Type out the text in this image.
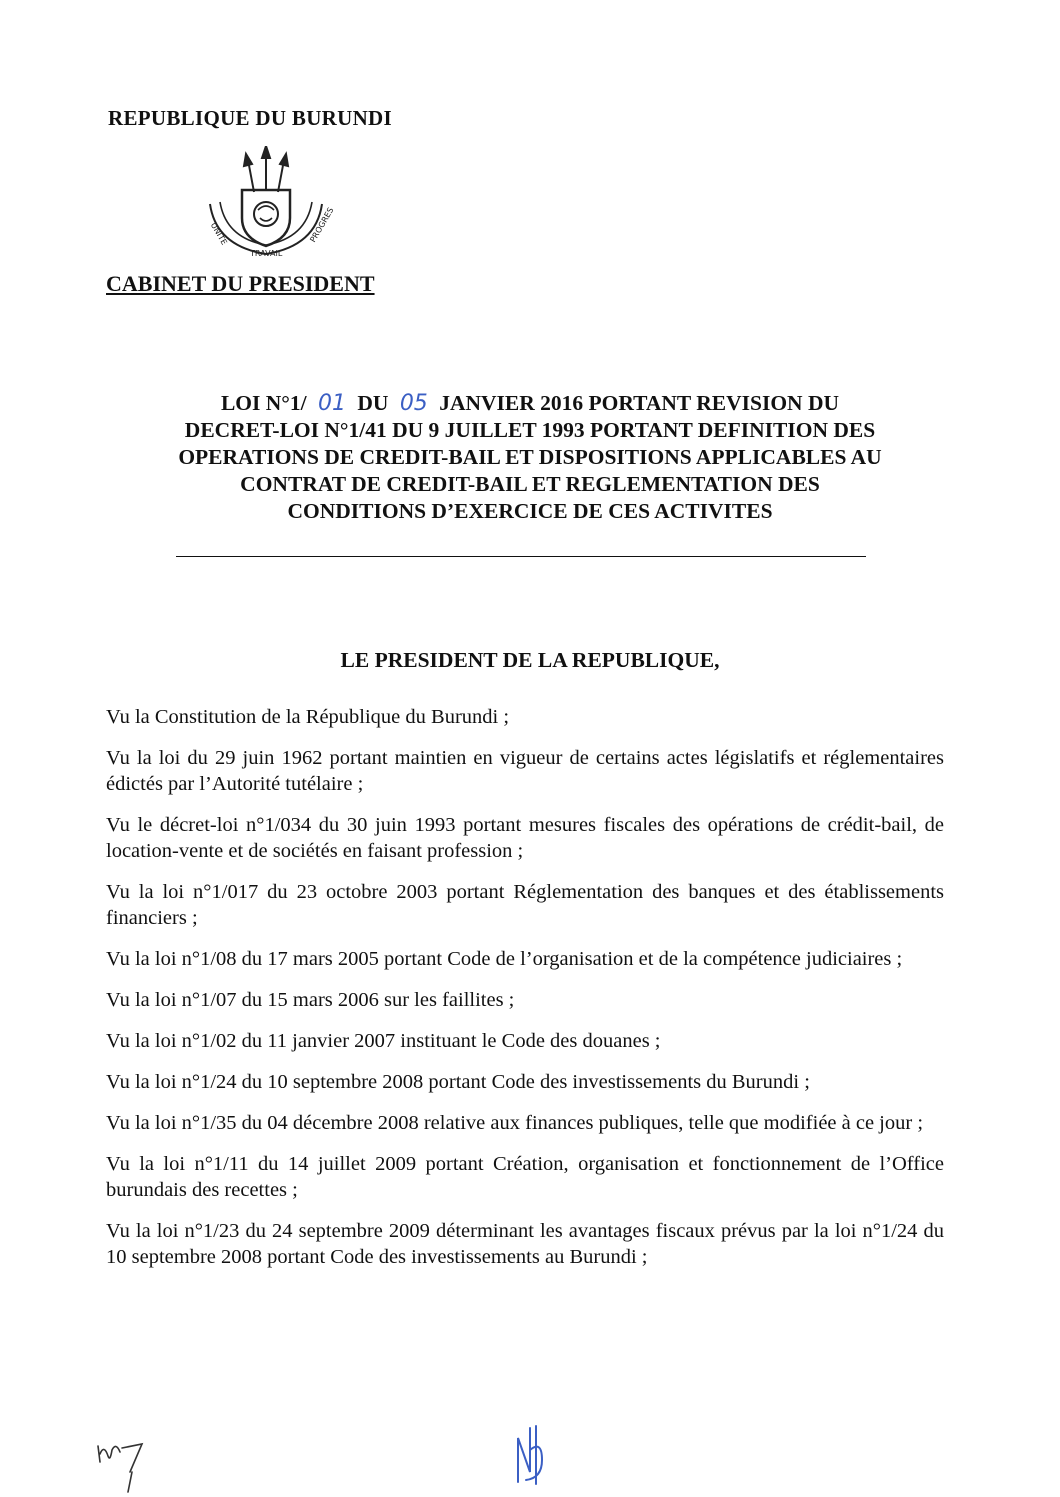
REPUBLIQUE DU BURUNDI
UNITE
TRAVAIL
PROGRES
CABINET DU PRESIDENT
LOI N°1/ 01 DU 05 JANVIER 2016 PORTANT REVISION DU
DECRET-LOI N°1/41 DU 9 JUILLET 1993 PORTANT DEFINITION DES
OPERATIONS DE CREDIT-BAIL ET DISPOSITIONS APPLICABLES AU
CONTRAT DE CREDIT-BAIL ET REGLEMENTATION DES
CONDITIONS D’EXERCICE DE CES ACTIVITES
LE PRESIDENT DE LA REPUBLIQUE,

Vu la Constitution de la République du Burundi ;

Vu la loi du 29 juin 1962 portant maintien en vigueur de certains actes législatifs et réglementaires édictés par l’Autorité tutélaire ;

Vu le décret-loi n°1/034 du 30 juin 1993 portant mesures fiscales des opérations de crédit-bail, de location-vente et de sociétés en faisant profession ;

Vu la loi n°1/017 du 23 octobre 2003 portant Réglementation des banques et des établissements financiers ;

Vu la loi n°1/08 du 17 mars 2005 portant Code de l’organisation et de la compétence judiciaires ;

Vu la loi n°1/07 du 15 mars 2006 sur les faillites ;

Vu la loi n°1/02 du 11 janvier 2007 instituant le Code des douanes ;

Vu la loi n°1/24 du 10 septembre 2008 portant Code des investissements du Burundi ;

Vu la loi n°1/35 du 04 décembre 2008 relative aux finances publiques, telle que modifiée à ce jour ;

Vu la loi n°1/11 du 14 juillet 2009 portant Création, organisation et fonctionnement de l’Office burundais des recettes ;

Vu la loi n°1/23 du 24 septembre 2009 déterminant les avantages fiscaux prévus par la loi n°1/24 du 10 septembre 2008 portant Code des investissements au Burundi ;
